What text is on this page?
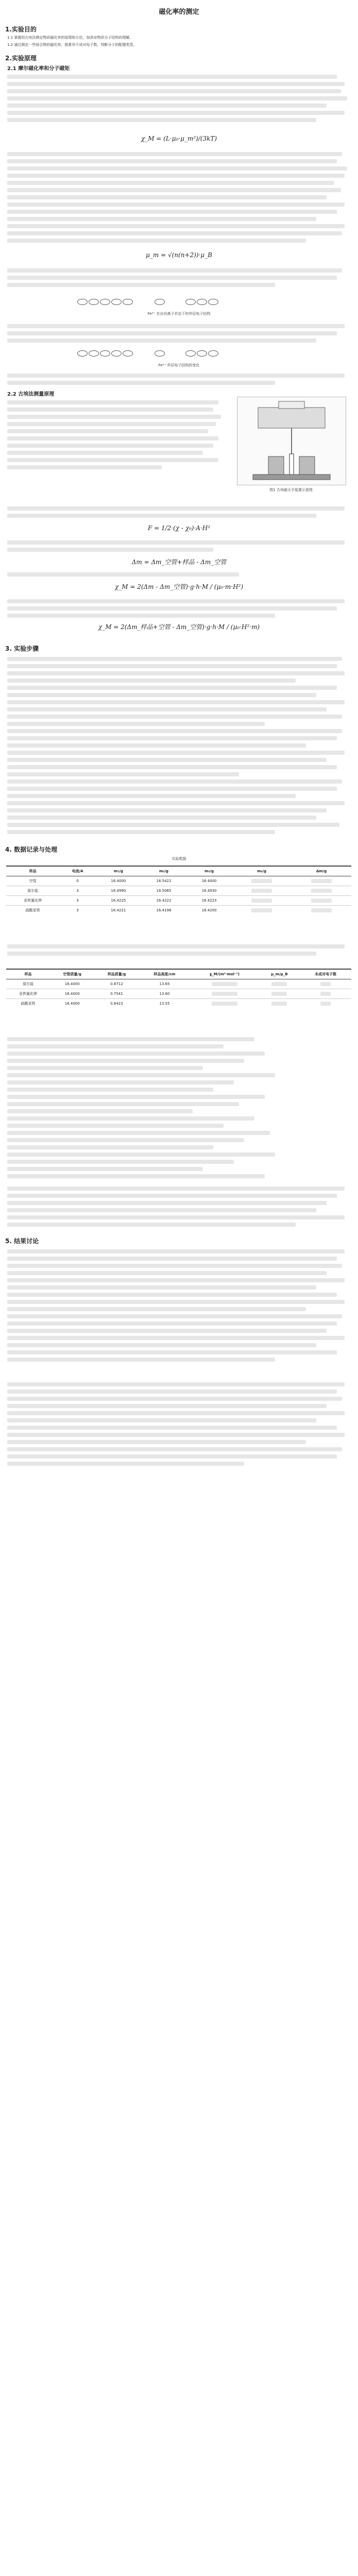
磁化率的测定
1.实验目的
1.1 掌握用古埃法测定物质磁化率的原理和方法，加深对物质分子结构的理解。
1.2 通过测定一些络合物的磁化率，推算其不成对电子数，判断分子的配键类型。
2.实验原理
2.1 摩尔磁化率和分子磁矩

χ_M = (L·μ₀·μ_m²)/(3kT)

μ_m = √(n(n+2))·μ_B

Fe²⁺ 在自由离子状态下的外层电子结构

Fe²⁺ 外层电子结构的变化

2.2 古埃法测量原理

图1 古埃磁天平装置示意图

F = 1/2·(χ - χ₀)·A·H²

Δm = Δm_空管+样品 - Δm_空管
χ_M = 2(Δm - Δm_空管)·g·h·M / (μ₀·m·H²)

χ_M = 2(Δm_样品+空管 - Δm_空管)·g·h·M / (μ₀·H²·m)
3. 实验步骤

4. 数据记录与处理
实验数据
样品	电流/A	m₁/g	m₂/g	m₃/g	m₄/g	Δm/g
空管	0	16.4000	16.5422	16.4000		
莫尔盐	3	16.4990	16.5065	16.4930		
亚铁氰化钾	3	16.4225	16.4222	16.4223		
硫酸亚铁	3	16.4221	16.4198	16.4200		

样品	空管质量/g	样品质量/g	样品高度/cm	χ_M/(m³·mol⁻¹)	μ_m/μ_B	未成对电子数
莫尔盐	16.4000	0.8712	13.65			
亚铁氰化钾	16.4000	0.7541	13.60			
硫酸亚铁	16.4000	0.8423	13.55			

5. 结果讨论
